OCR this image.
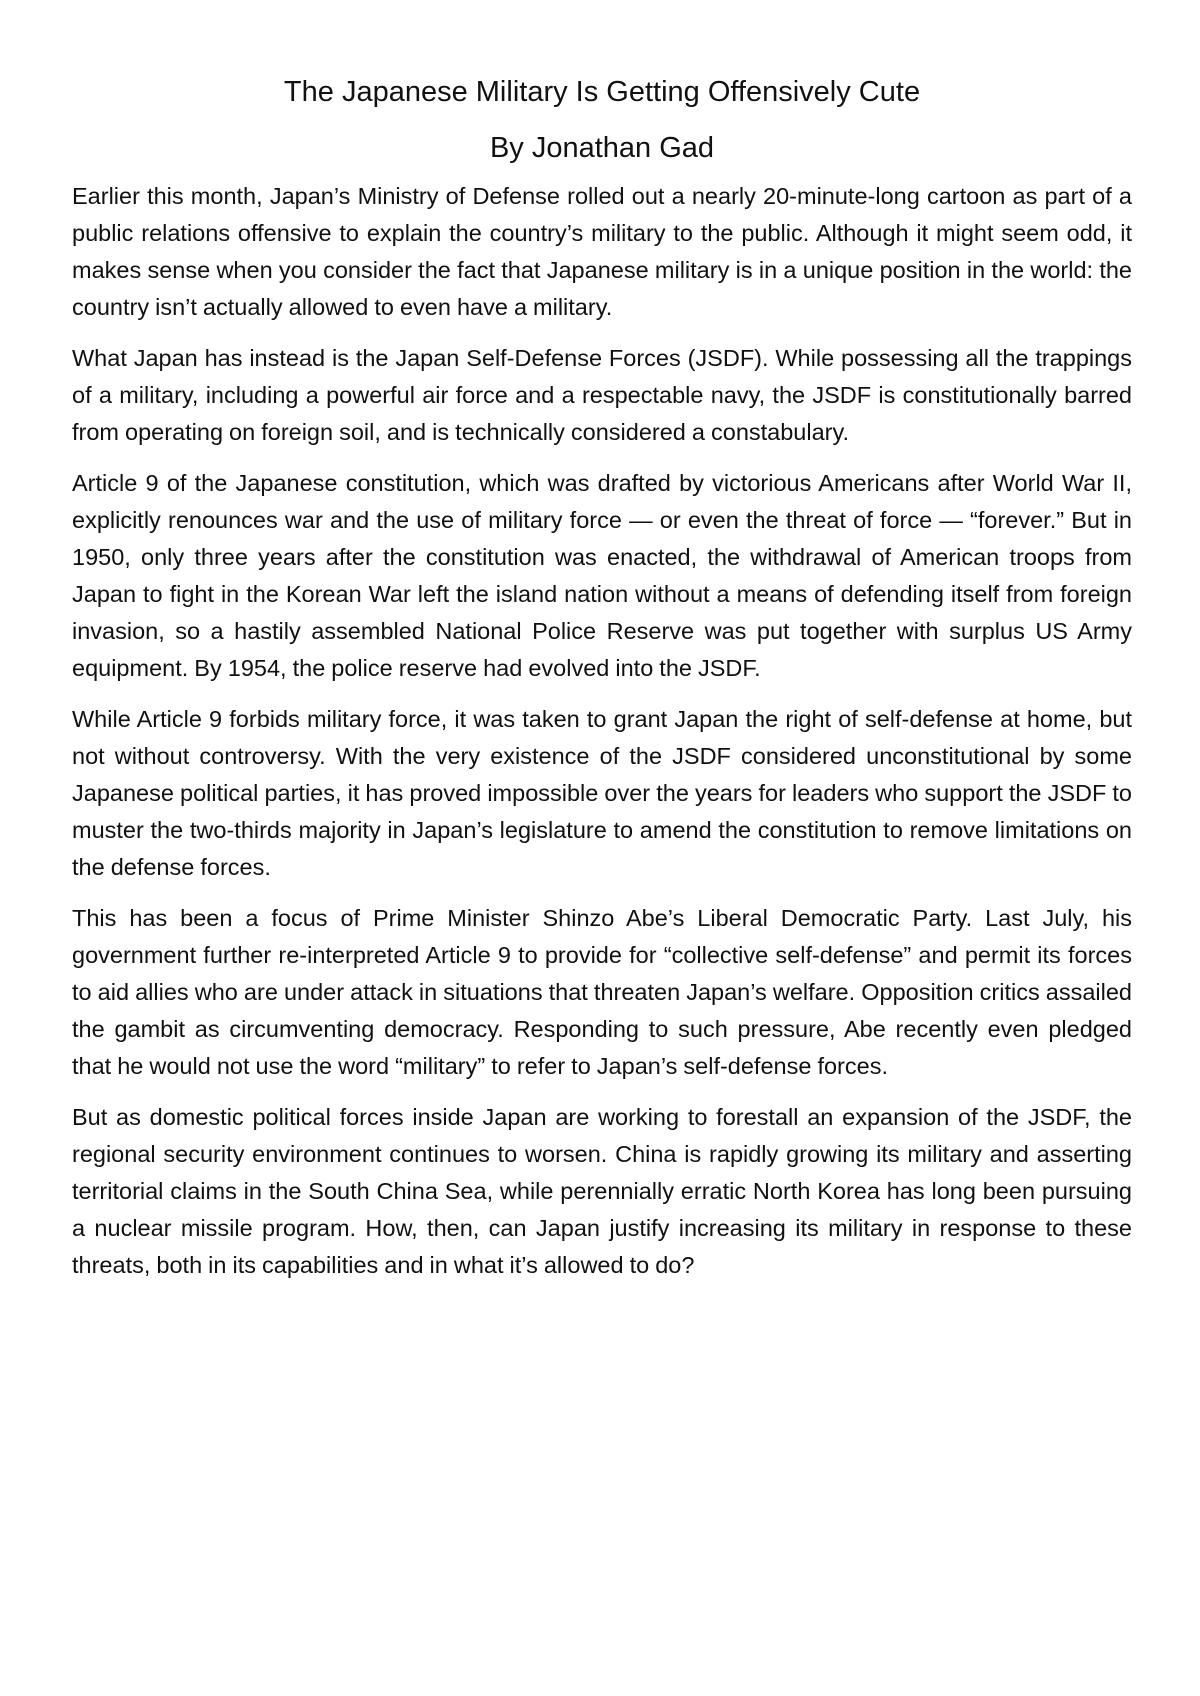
The Japanese Military Is Getting Offensively Cute
By Jonathan Gad

Earlier this month, Japan’s Ministry of Defense rolled out a nearly 20-minute-long cartoon as part of a public relations offensive to explain the country’s military to the public. Although it might seem odd, it makes sense when you consider the fact that Japanese military is in a unique position in the world: the country isn’t actually allowed to even have a military.

What Japan has instead is the Japan Self-Defense Forces (JSDF). While possessing all the trappings of a military, including a powerful air force and a respectable navy, the JSDF is constitutionally barred from operating on foreign soil, and is technically considered a constabulary.

Article 9 of the Japanese constitution, which was drafted by victorious Americans after World War II, explicitly renounces war and the use of military force — or even the threat of force — “forever.” But in 1950, only three years after the constitution was enacted, the withdrawal of American troops from Japan to fight in the Korean War left the island nation without a means of defending itself from foreign invasion, so a hastily assembled National Police Reserve was put together with surplus US Army equipment. By 1954, the police reserve had evolved into the JSDF.

While Article 9 forbids military force, it was taken to grant Japan the right of self-defense at home, but not without controversy. With the very existence of the JSDF considered unconstitutional by some Japanese political parties, it has proved impossible over the years for leaders who support the JSDF to muster the two-thirds majority in Japan’s legislature to amend the constitution to remove limitations on the defense forces.

This has been a focus of Prime Minister Shinzo Abe’s Liberal Democratic Party. Last July, his government further re-interpreted Article 9 to provide for “collective self-defense” and permit its forces to aid allies who are under attack in situations that threaten Japan’s welfare. Opposition critics assailed the gambit as circumventing democracy. Responding to such pressure, Abe recently even pledged that he would not use the word “military” to refer to Japan’s self-defense forces.

But as domestic political forces inside Japan are working to forestall an expansion of the JSDF, the regional security environment continues to worsen. China is rapidly growing its military and asserting territorial claims in the South China Sea, while perennially erratic North Korea has long been pursuing a nuclear missile program. How, then, can Japan justify increasing its military in response to these threats, both in its capabilities and in what it’s allowed to do?
